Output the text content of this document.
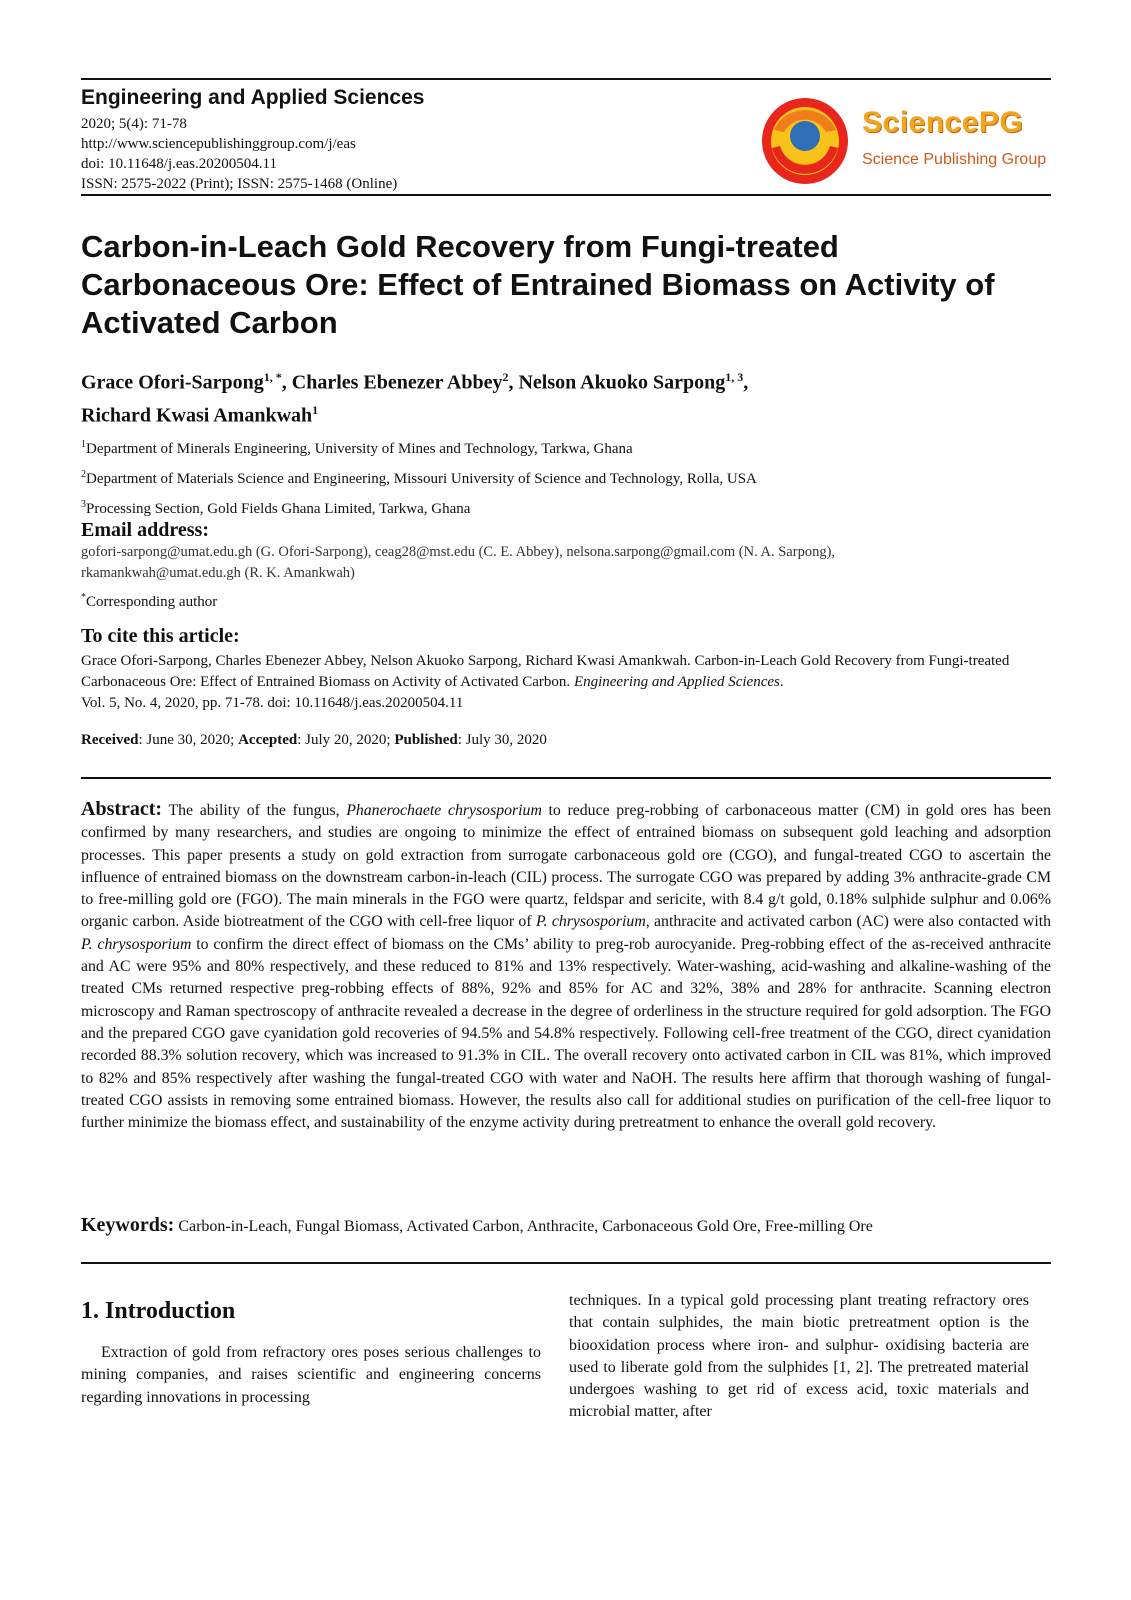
Engineering and Applied Sciences
2020; 5(4): 71-78
http://www.sciencepublishinggroup.com/j/eas
doi: 10.11648/j.eas.20200504.11
ISSN: 2575-2022 (Print); ISSN: 2575-1468 (Online)
SciencePG
Science Publishing Group
Carbon-in-Leach Gold Recovery from Fungi-treated Carbonaceous Ore: Effect of Entrained Biomass on Activity of Activated Carbon
Grace Ofori-Sarpong$^{1, *}$, Charles Ebenezer Abbey$^2$, Nelson Akuoko Sarpong$^{1, 3}$,
Richard Kwasi Amankwah$^1$
$^1$Department of Minerals Engineering, University of Mines and Technology, Tarkwa, Ghana
$^2$Department of Materials Science and Engineering, Missouri University of Science and Technology, Rolla, USA
$^3$Processing Section, Gold Fields Ghana Limited, Tarkwa, Ghana
Email address:
gofori-sarpong@umat.edu.gh (G. Ofori-Sarpong), ceag28@mst.edu (C. E. Abbey), nelsona.sarpong@gmail.com (N. A. Sarpong),
rkamankwah@umat.edu.gh (R. K. Amankwah)
*Corresponding author
To cite this article:
Grace Ofori-Sarpong, Charles Ebenezer Abbey, Nelson Akuoko Sarpong, Richard Kwasi Amankwah. Carbon-in-Leach Gold Recovery from Fungi-treated Carbonaceous Ore: Effect of Entrained Biomass on Activity of Activated Carbon. Engineering and Applied Sciences.
Vol. 5, No. 4, 2020, pp. 71-78. doi: 10.11648/j.eas.20200504.11
Received: June 30, 2020; Accepted: July 20, 2020; Published: July 30, 2020
Abstract: The ability of the fungus, Phanerochaete chrysosporium to reduce preg-robbing of carbonaceous matter (CM) in gold ores has been confirmed by many researchers, and studies are ongoing to minimize the effect of entrained biomass on subsequent gold leaching and adsorption processes. This paper presents a study on gold extraction from surrogate carbonaceous gold ore (CGO), and fungal-treated CGO to ascertain the influence of entrained biomass on the downstream carbon-in-leach (CIL) process. The surrogate CGO was prepared by adding 3% anthracite-grade CM to free-milling gold ore (FGO). The main minerals in the FGO were quartz, feldspar and sericite, with 8.4 g/t gold, 0.18% sulphide sulphur and 0.06% organic carbon. Aside biotreatment of the CGO with cell-free liquor of P. chrysosporium, anthracite and activated carbon (AC) were also contacted with P. chrysosporium to confirm the direct effect of biomass on the CMs’ ability to preg-rob aurocyanide. Preg-robbing effect of the as-received anthracite and AC were 95% and 80% respectively, and these reduced to 81% and 13% respectively. Water-washing, acid-washing and alkaline-washing of the treated CMs returned respective preg-robbing effects of 88%, 92% and 85% for AC and 32%, 38% and 28% for anthracite. Scanning electron microscopy and Raman spectroscopy of anthracite revealed a decrease in the degree of orderliness in the structure required for gold adsorption. The FGO and the prepared CGO gave cyanidation gold recoveries of 94.5% and 54.8% respectively. Following cell-free treatment of the CGO, direct cyanidation recorded 88.3% solution recovery, which was increased to 91.3% in CIL. The overall recovery onto activated carbon in CIL was 81%, which improved to 82% and 85% respectively after washing the fungal-treated CGO with water and NaOH. The results here affirm that thorough washing of fungal-treated CGO assists in removing some entrained biomass. However, the results also call for additional studies on purification of the cell-free liquor to further minimize the biomass effect, and sustainability of the enzyme activity during pretreatment to enhance the overall gold recovery.
Keywords: Carbon-in-Leach, Fungal Biomass, Activated Carbon, Anthracite, Carbonaceous Gold Ore, Free-milling Ore
1. Introduction
Extraction of gold from refractory ores poses serious challenges to mining companies, and raises scientific and engineering concerns regarding innovations in processing
techniques. In a typical gold processing plant treating refractory ores that contain sulphides, the main biotic pretreatment option is the biooxidation process where iron- and sulphur- oxidising bacteria are used to liberate gold from the sulphides [1, 2]. The pretreated material undergoes washing to get rid of excess acid, toxic materials and microbial matter, after
